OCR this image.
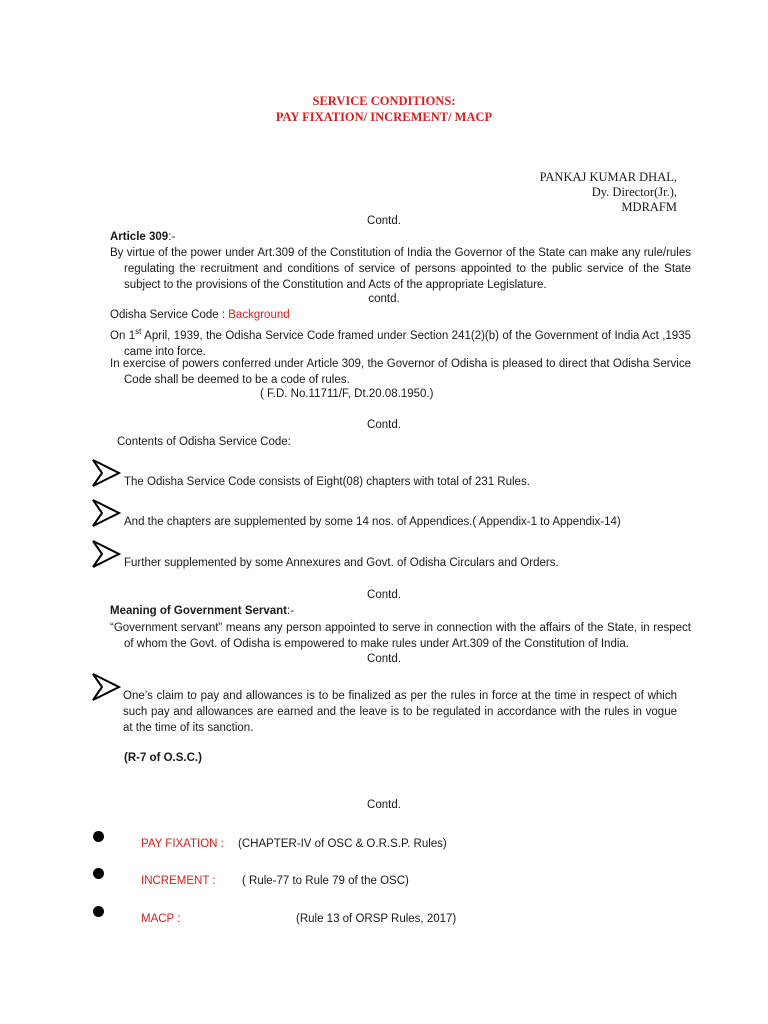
SERVICE CONDITIONS:
PAY FIXATION/ INCREMENT/ MACP
PANKAJ KUMAR DHAL,
Dy. Director(Jr.),
MDRAFM
Contd.
Article 309:-
By virtue of the power under Art.309 of the Constitution of India the Governor of the State can make any rule/rules regulating the recruitment and conditions of service of persons appointed to the public service of the State subject to the provisions of the Constitution and Acts of the appropriate Legislature.
contd.
Odisha Service Code : Background
On 1st April, 1939, the Odisha Service Code framed under Section 241(2)(b) of the Government of India Act ,1935 came into force.
In exercise of powers conferred under Article 309, the Governor of Odisha is pleased to direct that Odisha Service Code shall be deemed to be a code of rules.
( F.D. No.11711/F, Dt.20.08.1950.)
Contd.
Contents of Odisha Service Code:
The Odisha Service Code consists of Eight(08) chapters with total of 231 Rules.
And the chapters are supplemented by some 14 nos. of Appendices.( Appendix-1 to Appendix-14)
Further supplemented by some Annexures and Govt. of Odisha Circulars and Orders.
Contd.
Meaning of Government Servant:-
“Government servant” means any person appointed to serve in connection with the affairs of the State, in respect of whom the Govt. of Odisha is empowered to make rules under Art.309 of the Constitution of India.
Contd.
One’s claim to pay and allowances is to be finalized as per the rules in force at the time in respect of which such pay and allowances are earned and the leave is to be regulated in accordance with the rules in vogue at the time of its sanction.
(R-7 of O.S.C.)
Contd.
PAY FIXATION : (CHAPTER-IV of OSC & O.R.S.P. Rules)
INCREMENT : ( Rule-77 to Rule 79 of the OSC)
MACP :	(Rule 13 of ORSP Rules, 2017)
